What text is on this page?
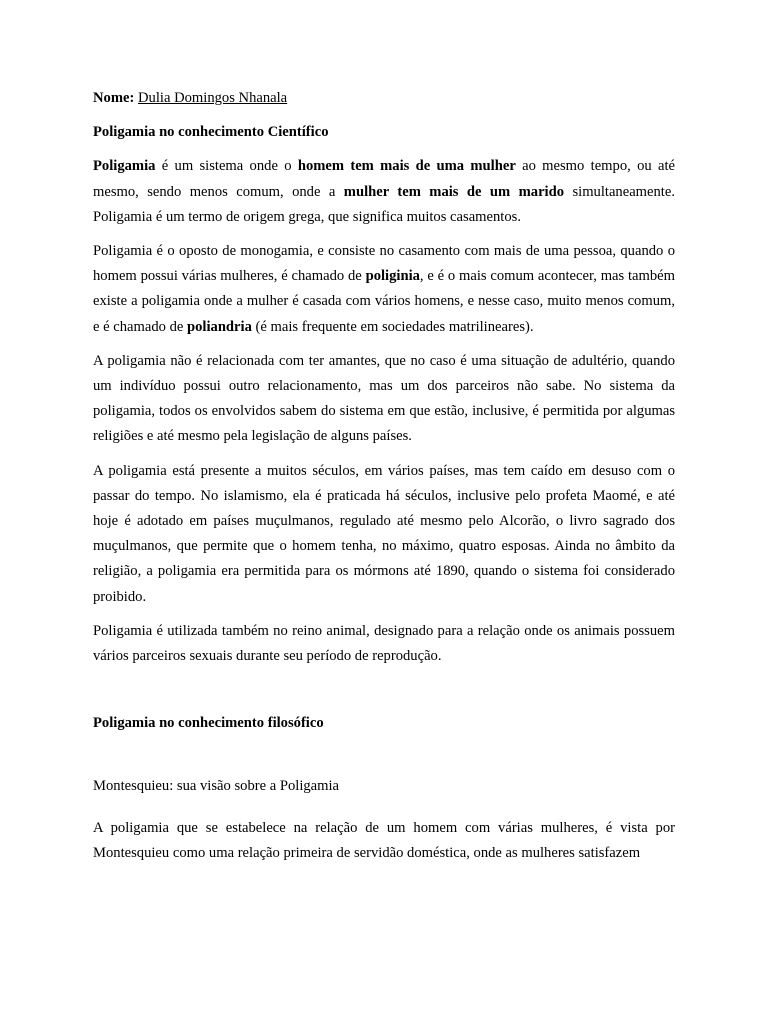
Nome: Dulia Domingos Nhanala

Poligamia no conhecimento Científico

Poligamia é um sistema onde o homem tem mais de uma mulher ao mesmo tempo, ou até mesmo, sendo menos comum, onde a mulher tem mais de um marido simultaneamente. Poligamia é um termo de origem grega, que significa muitos casamentos.

Poligamia é o oposto de monogamia, e consiste no casamento com mais de uma pessoa, quando o homem possui várias mulheres, é chamado de poliginia, e é o mais comum acontecer, mas também existe a poligamia onde a mulher é casada com vários homens, e nesse caso, muito menos comum, e é chamado de poliandria (é mais frequente em sociedades matrilineares).

A poligamia não é relacionada com ter amantes, que no caso é uma situação de adultério, quando um indivíduo possui outro relacionamento, mas um dos parceiros não sabe. No sistema da poligamia, todos os envolvidos sabem do sistema em que estão, inclusive, é permitida por algumas religiões e até mesmo pela legislação de alguns países.

A poligamia está presente a muitos séculos, em vários países, mas tem caído em desuso com o passar do tempo. No islamismo, ela é praticada há séculos, inclusive pelo profeta Maomé, e até hoje é adotado em países muçulmanos, regulado até mesmo pelo Alcorão, o livro sagrado dos muçulmanos, que permite que o homem tenha, no máximo, quatro esposas. Ainda no âmbito da religião, a poligamia era permitida para os mórmons até 1890, quando o sistema foi considerado proibido.

Poligamia é utilizada também no reino animal, designado para a relação onde os animais possuem vários parceiros sexuais durante seu período de reprodução.

Poligamia no conhecimento filosófico

Montesquieu: sua visão sobre a Poligamia

A poligamia que se estabelece na relação de um homem com várias mulheres, é vista por Montesquieu como uma relação primeira de servidão doméstica, onde as mulheres satisfazem
